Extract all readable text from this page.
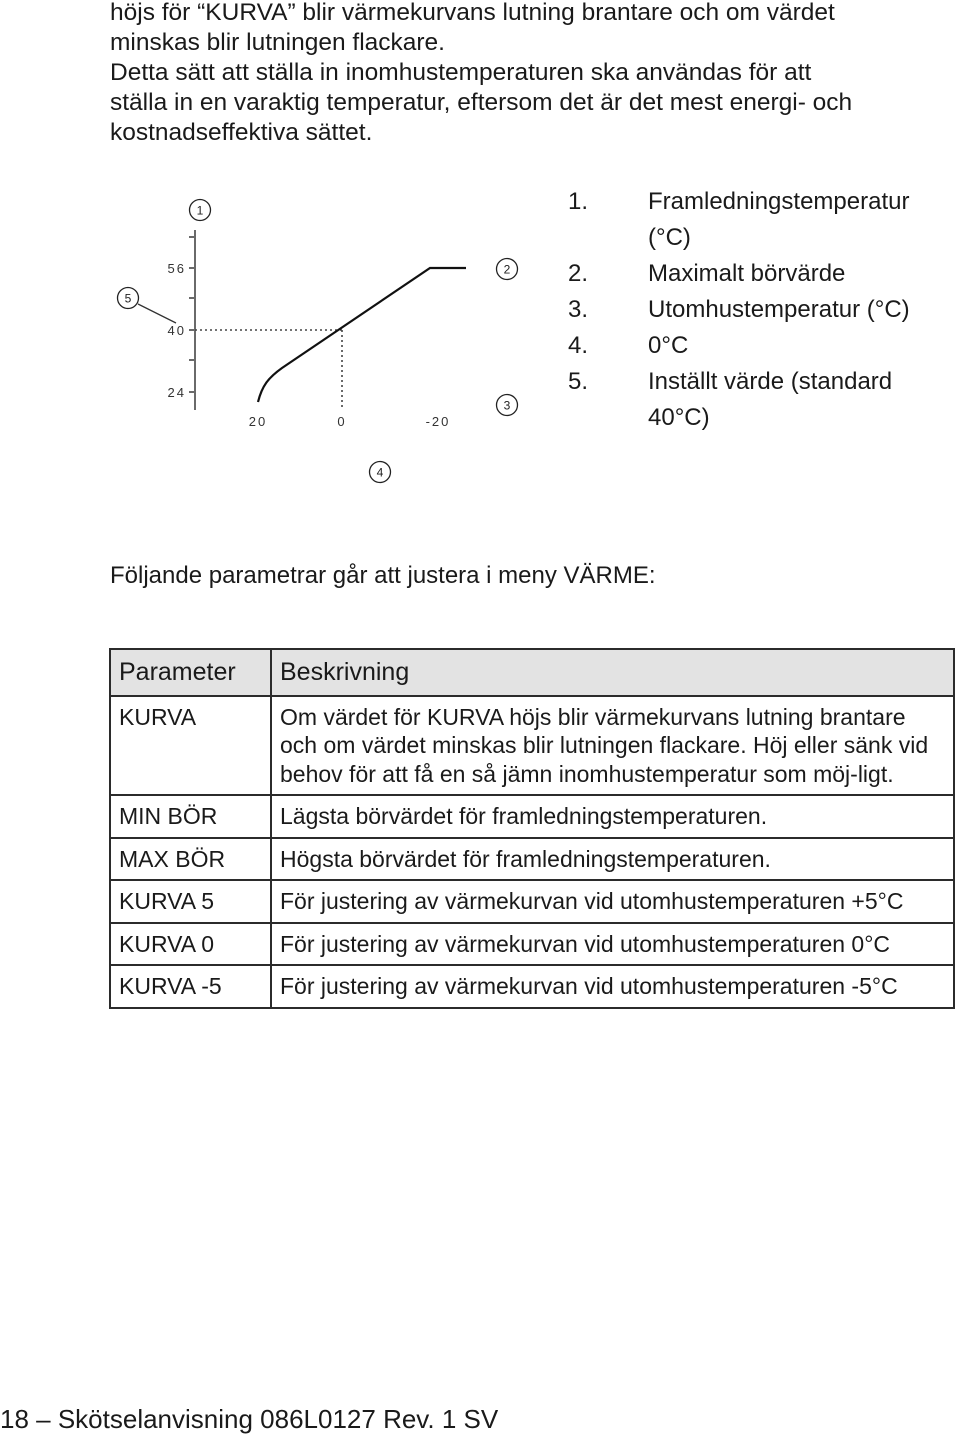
höjs för “KURVA” blir värmekurvans lutning brantare och om värdet

minskas blir lutningen flackare.

Detta sätt att ställa in inomhustemperaturen ska användas för att

ställa in en varaktig temperatur, eftersom det är det mest energi- och

kostnadseffektiva sättet.

56
40
24
20	0	-20
1
2
3
4
5
1. Framledningstemperatur
(°C)
2. Maximalt börvärde
3. Utomhustemperatur (°C)
4. 0°C
5. Inställt värde (standard
40°C)
Följande parametrar går att justera i meny VÄRME:
Parameter	Beskrivning
KURVA	Om värdet för KURVA höjs blir värmekurvans lutning brantare och om värdet minskas blir lutningen flackare. Höj eller sänk vid behov för att få en så jämn inomhustemperatur som möj-ligt.
MIN BÖR	Lägsta börvärdet för framledningstemperaturen.
MAX BÖR	Högsta börvärdet för framledningstemperaturen.
KURVA 5	För justering av värmekurvan vid utomhustemperaturen +5°C
KURVA 0	För justering av värmekurvan vid utomhustemperaturen 0°C
KURVA -5	För justering av värmekurvan vid utomhustemperaturen -5°C
18 – Skötselanvisning 086L0127 Rev. 1 SV
